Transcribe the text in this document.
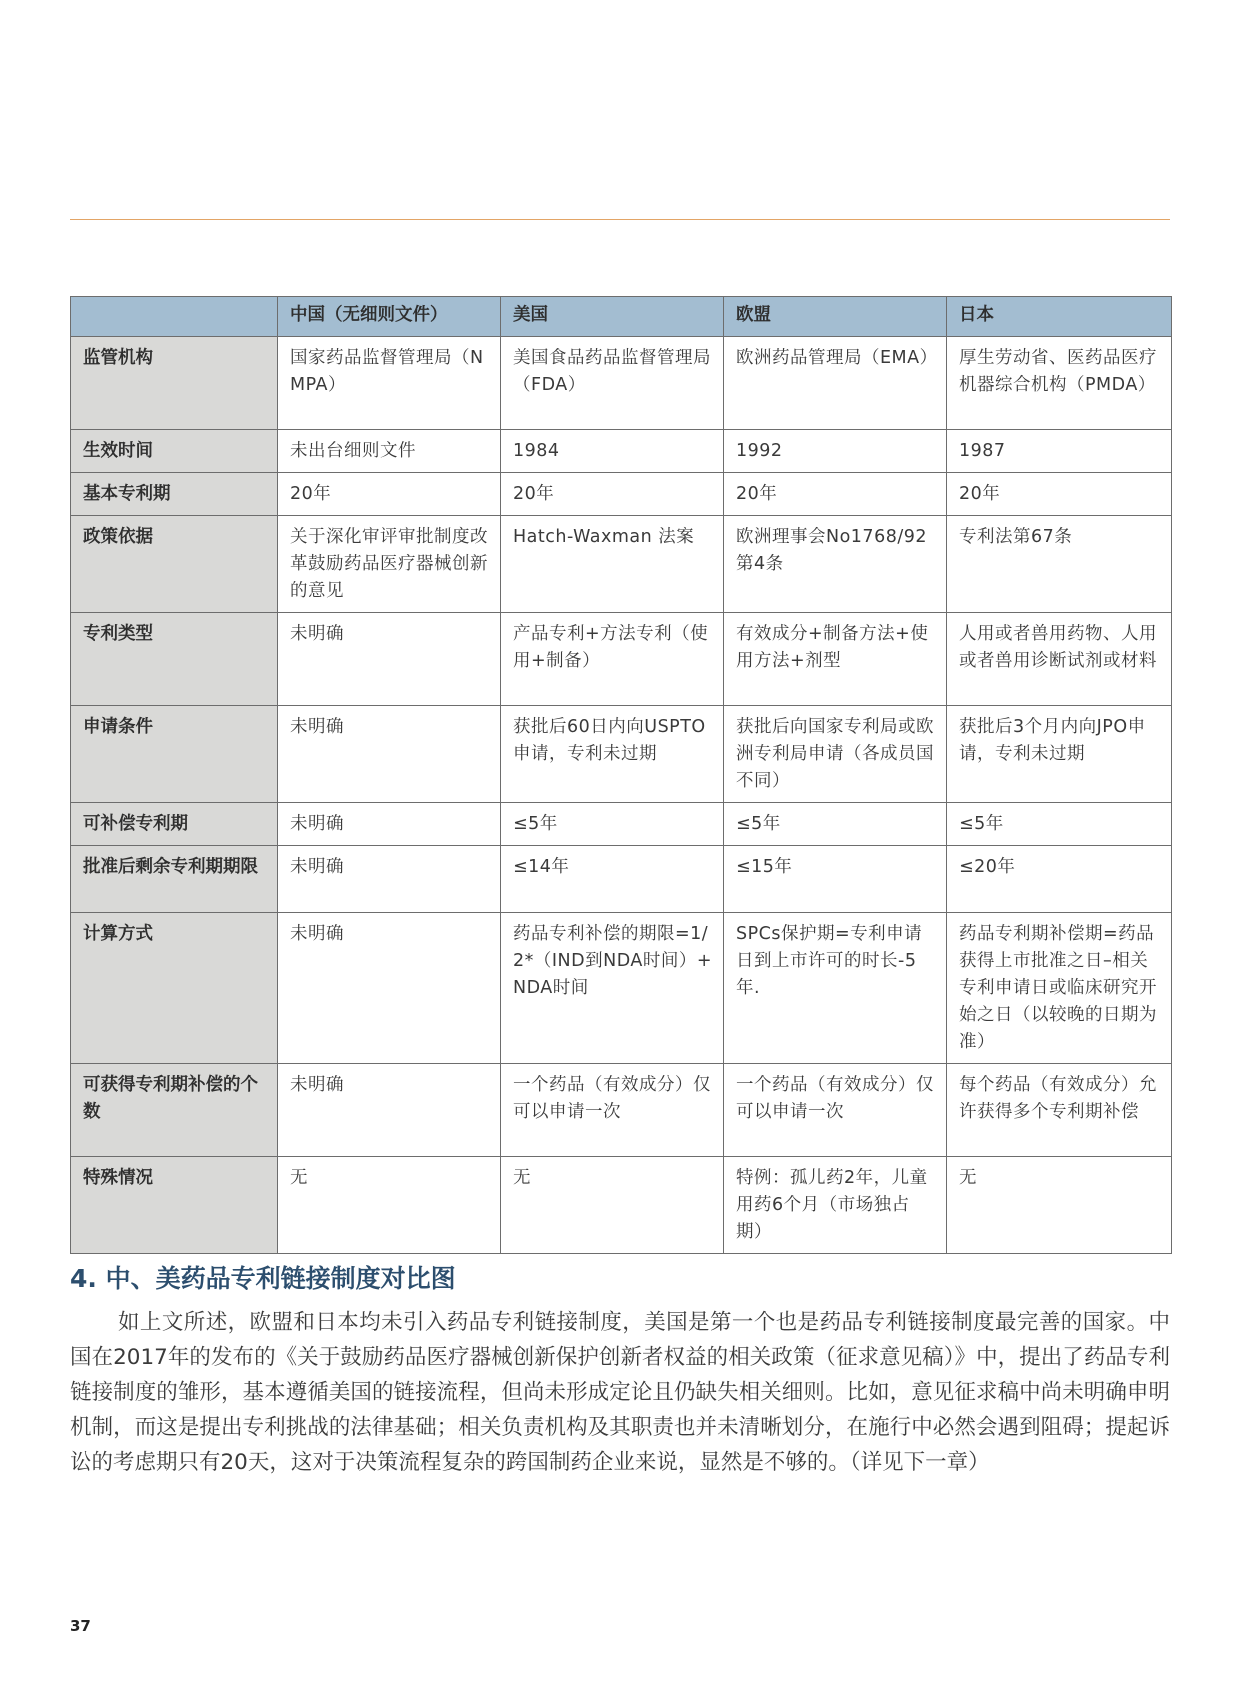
	中国（无细则文件）	美国	欧盟	日本
监管机构	国家药品监督管理局（NMPA）	美国食品药品监督管理局（FDA）	欧洲药品管理局（EMA）	厚生劳动省、医药品医疗机器综合机构（PMDA）
生效时间	未出台细则文件	1984	1992	1987
基本专利期	20年	20年	20年	20年
政策依据	关于深化审评审批制度改革鼓励药品医疗器械创新的意见	Hatch-Waxman 法案	欧洲理事会No1768/92第4条	专利法第67条
专利类型	未明确	产品专利+方法专利（使用+制备）	有效成分+制备方法+使用方法+剂型	人用或者兽用药物、人用或者兽用诊断试剂或材料
申请条件	未明确	获批后60日内向USPTO申请，专利未过期	获批后向国家专利局或欧洲专利局申请（各成员国不同）	获批后3个月内向JPO申请，专利未过期
可补偿专利期	未明确	≤5年	≤5年	≤5年
批准后剩余专利期期限	未明确	≤14年	≤15年	≤20年
计算方式	未明确	药品专利补偿的期限=1/2*（IND到NDA时间）+NDA时间	SPCs保护期=专利申请日到上市许可的时长-5年.	药品专利期补偿期=药品获得上市批准之日–相关专利申请日或临床研究开始之日（以较晚的日期为准）
可获得专利期补偿的个数	未明确	一个药品（有效成分）仅可以申请一次	一个药品（有效成分）仅可以申请一次	每个药品（有效成分）允许获得多个专利期补偿
特殊情况	无	无	特例：孤儿药2年，儿童用药6个月（市场独占期）	无
4. 中、美药品专利链接制度对比图

如上文所述，欧盟和日本均未引入药品专利链接制度，美国是第一个也是药品专利链接制度最完善的国家。中国在2017年的发布的《关于鼓励药品医疗器械创新保护创新者权益的相关政策（征求意见稿）》中，提出了药品专利链接制度的雏形，基本遵循美国的链接流程，但尚未形成定论且仍缺失相关细则。比如，意见征求稿中尚未明确申明机制，而这是提出专利挑战的法律基础；相关负责机构及其职责也并未清晰划分，在施行中必然会遇到阻碍；提起诉讼的考虑期只有20天，这对于决策流程复杂的跨国制药企业来说，显然是不够的。（详见下一章）

37
